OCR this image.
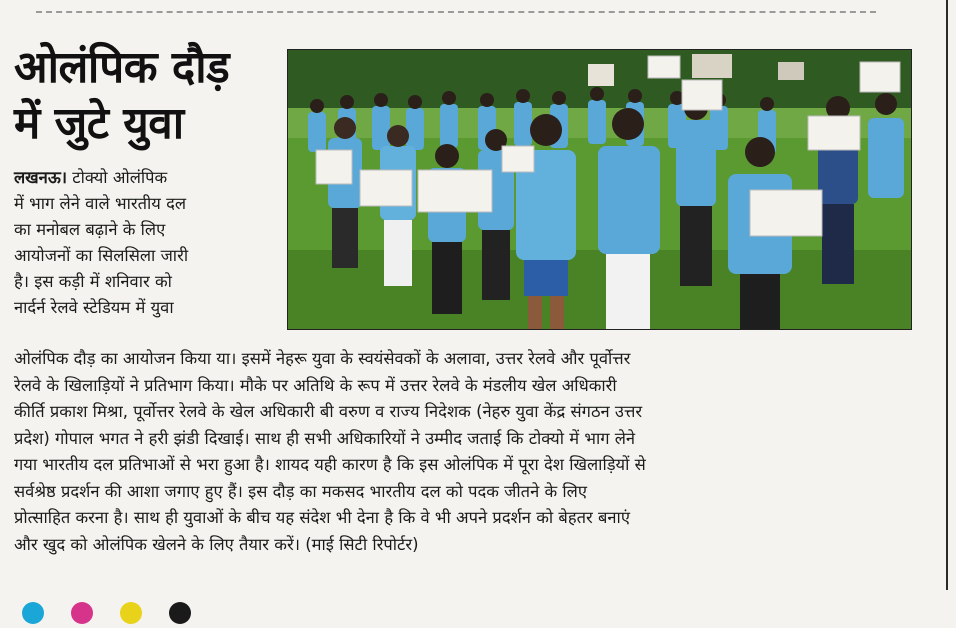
ओलंपिक दौड़
में जुटे युवा
लखनऊ। टोक्यो ओलंपिक
में भाग लेने वाले भारतीय दल
का मनोबल बढ़ाने के लिए
आयोजनों का सिलसिला जारी
है। इस कड़ी में शनिवार को
नार्दर्न रेलवे स्टेडियम में युवा
ओलंपिक दौड़ का आयोजन किया या। इसमें नेहरू युवा के स्वयंसेवकों के अलावा, उत्तर रेलवे और पूर्वोत्तर
रेलवे के खिलाड़ियों ने प्रतिभाग किया। मौके पर अतिथि के रूप में उत्तर रेलवे के मंडलीय खेल अधिकारी
कीर्ति प्रकाश मिश्रा, पूर्वोत्तर रेलवे के खेल अधिकारी बी वरुण व राज्य निदेशक (नेहरु युवा केंद्र संगठन उत्तर
प्रदेश) गोपाल भगत ने हरी झंडी दिखाई। साथ ही सभी अधिकारियों ने उम्मीद जताई कि टोक्यो में भाग लेने
गया भारतीय दल प्रतिभाओं से भरा हुआ है। शायद यही कारण है कि इस ओलंपिक में पूरा देश खिलाड़ियों से
सर्वश्रेष्ठ प्रदर्शन की आशा जगाए हुए हैं। इस दौड़ का मकसद भारतीय दल को पदक जीतने के लिए
प्रोत्साहित करना है। साथ ही युवाओं के बीच यह संदेश भी देना है कि वे भी अपने प्रदर्शन को बेहतर बनाएं
और खुद को ओलंपिक खेलने के लिए तैयार करें। (माई सिटी रिपोर्टर)
